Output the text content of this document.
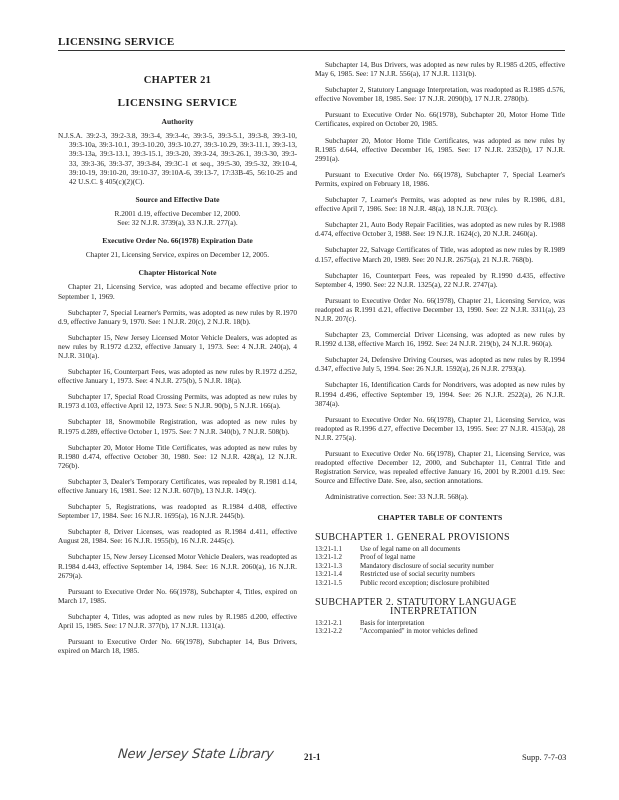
LICENSING SERVICE
CHAPTER 21
LICENSING SERVICE
Authority
N.J.S.A. 39:2-3, 39:2-3.8, 39:3-4, 39:3-4c, 39:3-5, 39:3-5.1, 39:3-8, 39:3-10, 39:3-10a, 39:3-10.1, 39:3-10.20, 39:3-10.27, 39:3-10.29, 39:3-11.1, 39:3-13, 39:3-13a, 39:3-13.1, 39:3-15.1, 39:3-20, 39:3-24, 39:3-26.1, 39:3-30, 39:3-33, 39:3-36, 39:3-37, 39:3-84, 39:3C-1 et seq., 39:5-30, 39:5-32, 39:10-4, 39:10-19, 39:10-20, 39:10-37, 39:10A-6, 39:13-7, 17:33B-45, 56:10-25 and 42 U.S.C. § 405(c)(2)(C).
Source and Effective Date
R.2001 d.19, effective December 12, 2000.
See: 32 N.J.R. 3739(a), 33 N.J.R. 277(a).
Executive Order No. 66(1978) Expiration Date
Chapter 21, Licensing Service, expires on December 12, 2005.
Chapter Historical Note

Chapter 21, Licensing Service, was adopted and became effective prior to September 1, 1969.

Subchapter 7, Special Learner's Permits, was adopted as new rules by R.1970 d.9, effective January 9, 1970. See: 1 N.J.R. 20(c), 2 N.J.R. 18(b).

Subchapter 15, New Jersey Licensed Motor Vehicle Dealers, was adopted as new rules by R.1972 d.232, effective January 1, 1973. See: 4 N.J.R. 240(a), 4 N.J.R. 310(a).

Subchapter 16, Counterpart Fees, was adopted as new rules by R.1972 d.252, effective January 1, 1973. See: 4 N.J.R. 275(b), 5 N.J.R. 18(a).

Subchapter 17, Special Road Crossing Permits, was adopted as new rules by R.1973 d.103, effective April 12, 1973. See: 5 N.J.R. 90(b), 5 N.J.R. 166(a).

Subchapter 18, Snowmobile Registration, was adopted as new rules by R.1975 d.289, effective October 1, 1975. See: 7 N.J.R. 340(b), 7 N.J.R. 508(b).

Subchapter 20, Motor Home Title Certificates, was adopted as new rules by R.1980 d.474, effective October 30, 1980. See: 12 N.J.R. 428(a), 12 N.J.R. 726(b).

Subchapter 3, Dealer's Temporary Certificates, was repealed by R.1981 d.14, effective January 16, 1981. See: 12 N.J.R. 607(b), 13 N.J.R. 149(c).

Subchapter 5, Registrations, was readopted as R.1984 d.408, effective September 17, 1984. See: 16 N.J.R. 1695(a), 16 N.J.R. 2445(b).

Subchapter 8, Driver Licenses, was readopted as R.1984 d.411, effective August 28, 1984. See: 16 N.J.R. 1955(b), 16 N.J.R. 2445(c).

Subchapter 15, New Jersey Licensed Motor Vehicle Dealers, was readopted as R.1984 d.443, effective September 14, 1984. See: 16 N.J.R. 2060(a), 16 N.J.R. 2679(a).

Pursuant to Executive Order No. 66(1978), Subchapter 4, Titles, expired on March 17, 1985.

Subchapter 4, Titles, was adopted as new rules by R.1985 d.200, effective April 15, 1985. See: 17 N.J.R. 377(b), 17 N.J.R. 1131(a).

Pursuant to Executive Order No. 66(1978), Subchapter 14, Bus Drivers, expired on March 18, 1985.

Subchapter 14, Bus Drivers, was adopted as new rules by R.1985 d.205, effective May 6, 1985. See: 17 N.J.R. 556(a), 17 N.J.R. 1131(b).

Subchapter 2, Statutory Language Interpretation, was readopted as R.1985 d.576, effective November 18, 1985. See: 17 N.J.R. 2090(b), 17 N.J.R. 2780(b).

Pursuant to Executive Order No. 66(1978), Subchapter 20, Motor Home Title Certificates, expired on October 20, 1985.

Subchapter 20, Motor Home Title Certificates, was adopted as new rules by R.1985 d.644, effective December 16, 1985. See: 17 N.J.R. 2352(b), 17 N.J.R. 2991(a).

Pursuant to Executive Order No. 66(1978), Subchapter 7, Special Learner's Permits, expired on February 18, 1986.

Subchapter 7, Learner's Permits, was adopted as new rules by R.1986, d.81, effective April 7, 1986. See: 18 N.J.R. 48(a), 18 N.J.R. 703(c).

Subchapter 21, Auto Body Repair Facilities, was adopted as new rules by R.1988 d.474, effective October 3, 1988. See: 19 N.J.R. 1624(c), 20 N.J.R. 2460(a).

Subchapter 22, Salvage Certificates of Title, was adopted as new rules by R.1989 d.157, effective March 20, 1989. See: 20 N.J.R. 2675(a), 21 N.J.R. 768(b).

Subchapter 16, Counterpart Fees, was repealed by R.1990 d.435, effective September 4, 1990. See: 22 N.J.R. 1325(a), 22 N.J.R. 2747(a).

Pursuant to Executive Order No. 66(1978), Chapter 21, Licensing Service, was readopted as R.1991 d.21, effective December 13, 1990. See: 22 N.J.R. 3311(a), 23 N.J.R. 207(c).

Subchapter 23, Commercial Driver Licensing, was adopted as new rules by R.1992 d.138, effective March 16, 1992. See: 24 N.J.R. 219(b), 24 N.J.R. 960(a).

Subchapter 24, Defensive Driving Courses, was adopted as new rules by R.1994 d.347, effective July 5, 1994. See: 26 N.J.R. 1592(a), 26 N.J.R. 2793(a).

Subchapter 16, Identification Cards for Nondrivers, was adopted as new rules by R.1994 d.496, effective September 19, 1994. See: 26 N.J.R. 2522(a), 26 N.J.R. 3874(a).

Pursuant to Executive Order No. 66(1978), Chapter 21, Licensing Service, was readopted as R.1996 d.27, effective December 13, 1995. See: 27 N.J.R. 4153(a), 28 N.J.R. 275(a).

Pursuant to Executive Order No. 66(1978), Chapter 21, Licensing Service, was readopted effective December 12, 2000, and Subchapter 11, Central Title and Registration Service, was repealed effective January 16, 2001 by R.2001 d.19. See: Source and Effective Date. See, also, section annotations.

Administrative correction. See: 33 N.J.R. 568(a).

CHAPTER TABLE OF CONTENTS
SUBCHAPTER 1. GENERAL PROVISIONS
13:21-1.1	Use of legal name on all documents
13:21-1.2	Proof of legal name
13:21-1.3	Mandatory disclosure of social security number
13:21-1.4	Restricted use of social security numbers
13:21-1.5	Public record exception; disclosure prohibited
SUBCHAPTER 2. STATUTORY LANGUAGE
INTERPRETATION
13:21-2.1	Basis for interpretation
13:21-2.2	"Accompanied" in motor vehicles defined
New Jersey State Library	21-1	Supp. 7-7-03
